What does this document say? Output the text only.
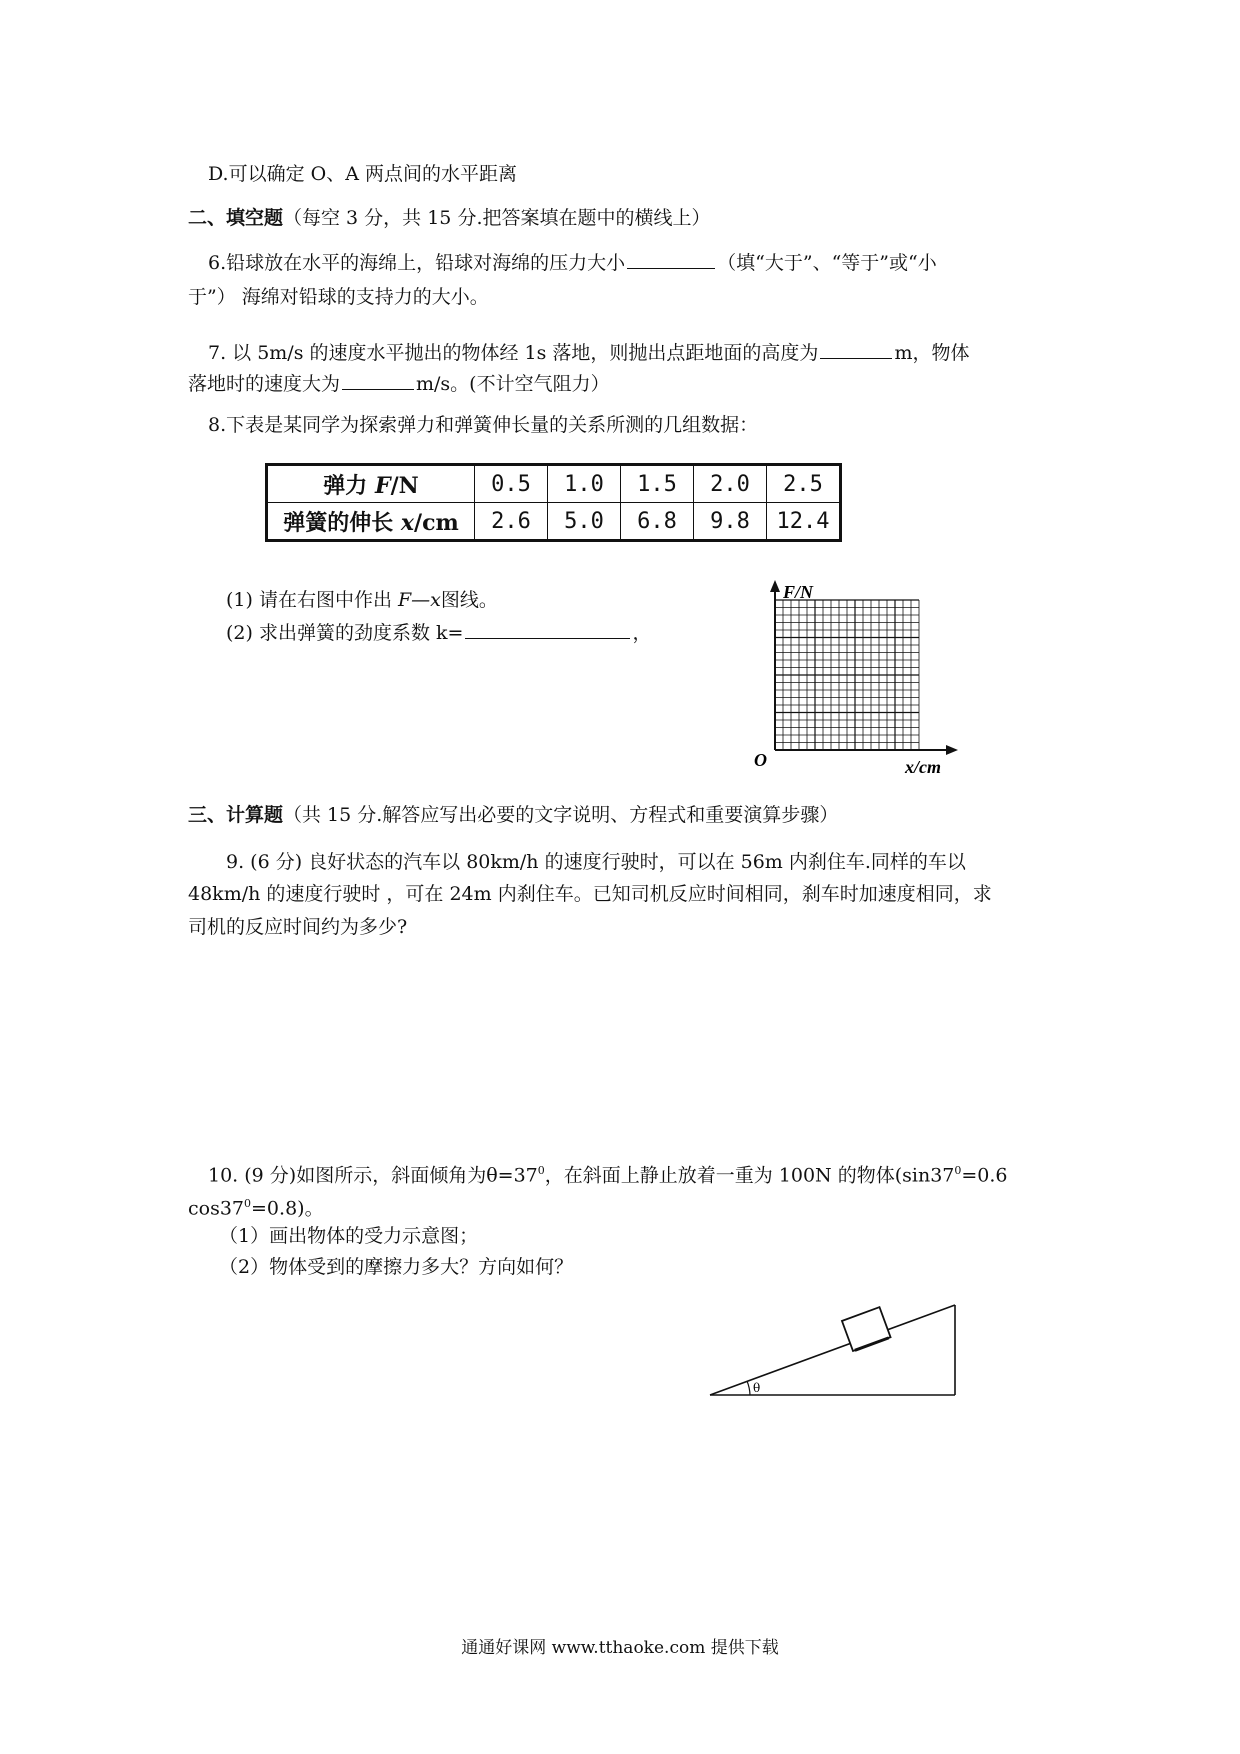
D.可以确定 O、A 两点间的水平距离
二、填空题（每空 3 分，共 15 分.把答案填在题中的横线上）
6.铅球放在水平的海绵上，铅球对海绵的压力大小	（填“大于”、“等于”或“小
于”） 海绵对铅球的支持力的大小。
7. 以 5m/s 的速度水平抛出的物体经 1s 落地，则抛出点距地面的高度为	m，物体
落地时的速度大为	m/s。(不计空气阻力）
8.下表是某同学为探索弹力和弹簧伸长量的关系所测的几组数据：
弹力 F/N	0.5	1.0	1.5	2.0	2.5
弹簧的伸长 x/cm	2.6	5.0	6.8	9.8	12.4
(1) 请在右图中作出 F—x图线。
(2) 求出弹簧的劲度系数 k=	，
F/N
O	x/cm
三、计算题（共 15 分.解答应写出必要的文字说明、方程式和重要演算步骤）
9. (6 分) 良好状态的汽车以 80km/h 的速度行驶时，可以在 56m 内刹住车.同样的车以
48km/h 的速度行驶时 ，可在 24m 内刹住车。已知司机反应时间相同，刹车时加速度相同，求
司机的反应时间约为多少?
10. (9 分)如图所示，斜面倾角为$\theta=37^0$，在斜面上静止放着一重为 100N 的物体($\sin 37^0=0.6$
$\cos 37^0=0.8$)。
（1）画出物体的受力示意图；
（2）物体受到的摩擦力多大？方向如何？
θ
通通好课网 www.tthaoke.com 提供下载
